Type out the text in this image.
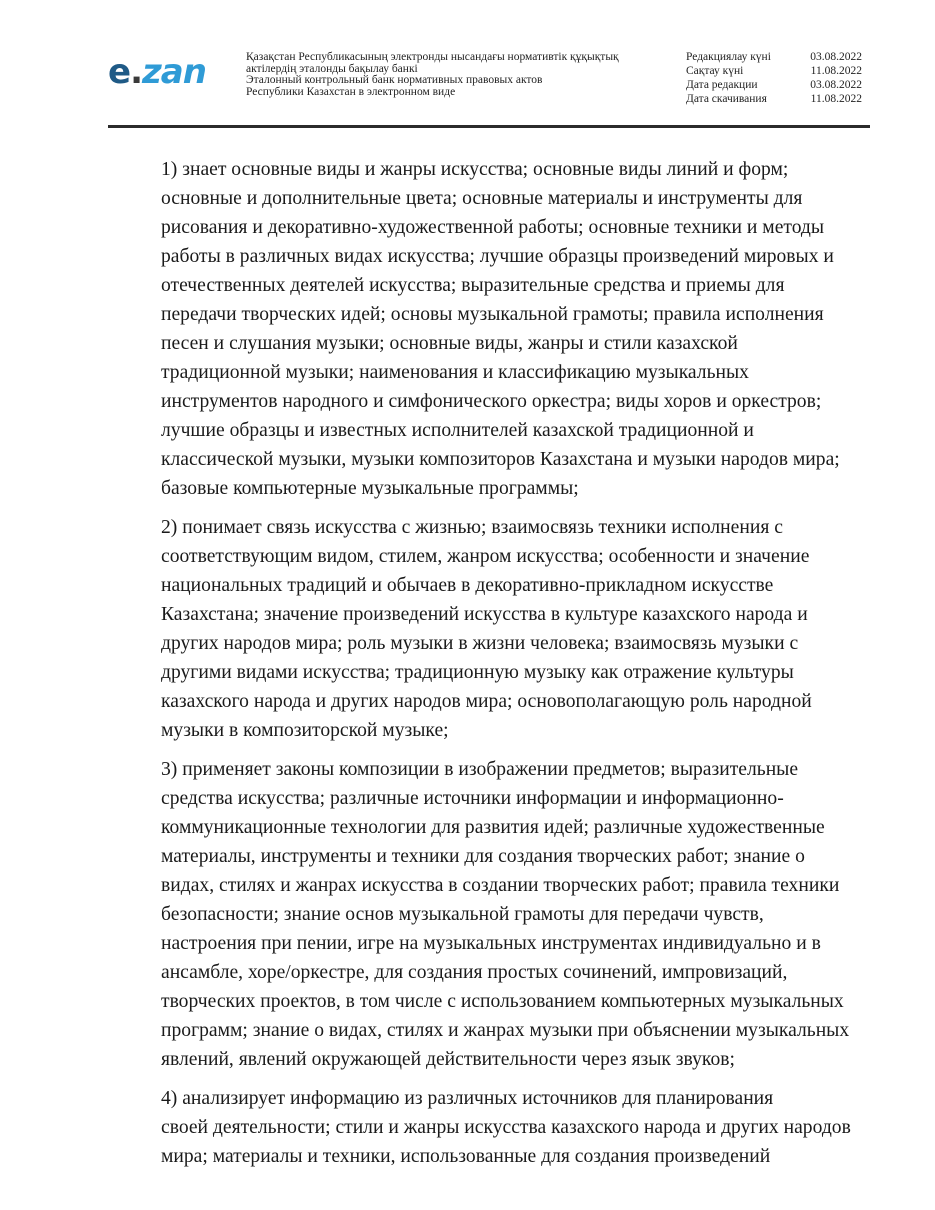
e.zan	Қазақстан Республикасының электронды нысандағы нормативтік құқықтық
актілердің эталонды бақылау банкі
Эталонный контрольный банк нормативных правовых актов
Республики Казахстан в электронном виде
Редакциялау күні	03.08.2022
Сақтау күні	11.08.2022
Дата редакции	03.08.2022
Дата скачивания	11.08.2022

1) знает основные виды и жанры искусства; основные виды линий и форм;
основные и дополнительные цвета; основные материалы и инструменты для
рисования и декоративно-художественной работы; основные техники и методы
работы в различных видах искусства; лучшие образцы произведений мировых и
отечественных деятелей искусства; выразительные средства и приемы для
передачи творческих идей; основы музыкальной грамоты; правила исполнения
песен и слушания музыки; основные виды, жанры и стили казахской
традиционной музыки; наименования и классификацию музыкальных
инструментов народного и симфонического оркестра; виды хоров и оркестров;
лучшие образцы и известных исполнителей казахской традиционной и
классической музыки, музыки композиторов Казахстана и музыки народов мира;
базовые компьютерные музыкальные программы;

2) понимает связь искусства с жизнью; взаимосвязь техники исполнения с
соответствующим видом, стилем, жанром искусства; особенности и значение
национальных традиций и обычаев в декоративно-прикладном искусстве
Казахстана; значение произведений искусства в культуре казахского народа и
других народов мира; роль музыки в жизни человека; взаимосвязь музыки с
другими видами искусства; традиционную музыку как отражение культуры
казахского народа и других народов мира; основополагающую роль народной
музыки в композиторской музыке;

3) применяет законы композиции в изображении предметов; выразительные
средства искусства; различные источники информации и информационно-
коммуникационные технологии для развития идей; различные художественные
материалы, инструменты и техники для создания творческих работ; знание о
видах, стилях и жанрах искусства в создании творческих работ; правила техники
безопасности; знание основ музыкальной грамоты для передачи чувств,
настроения при пении, игре на музыкальных инструментах индивидуально и в
ансамбле, хоре/оркестре, для создания простых сочинений, импровизаций,
творческих проектов, в том числе с использованием компьютерных музыкальных
программ; знание о видах, стилях и жанрах музыки при объяснении музыкальных
явлений, явлений окружающей действительности через язык звуков;

4) анализирует информацию из различных источников для планирования
своей деятельности; стили и жанры искусства казахского народа и других народов
мира; материалы и техники, использованные для создания произведений
